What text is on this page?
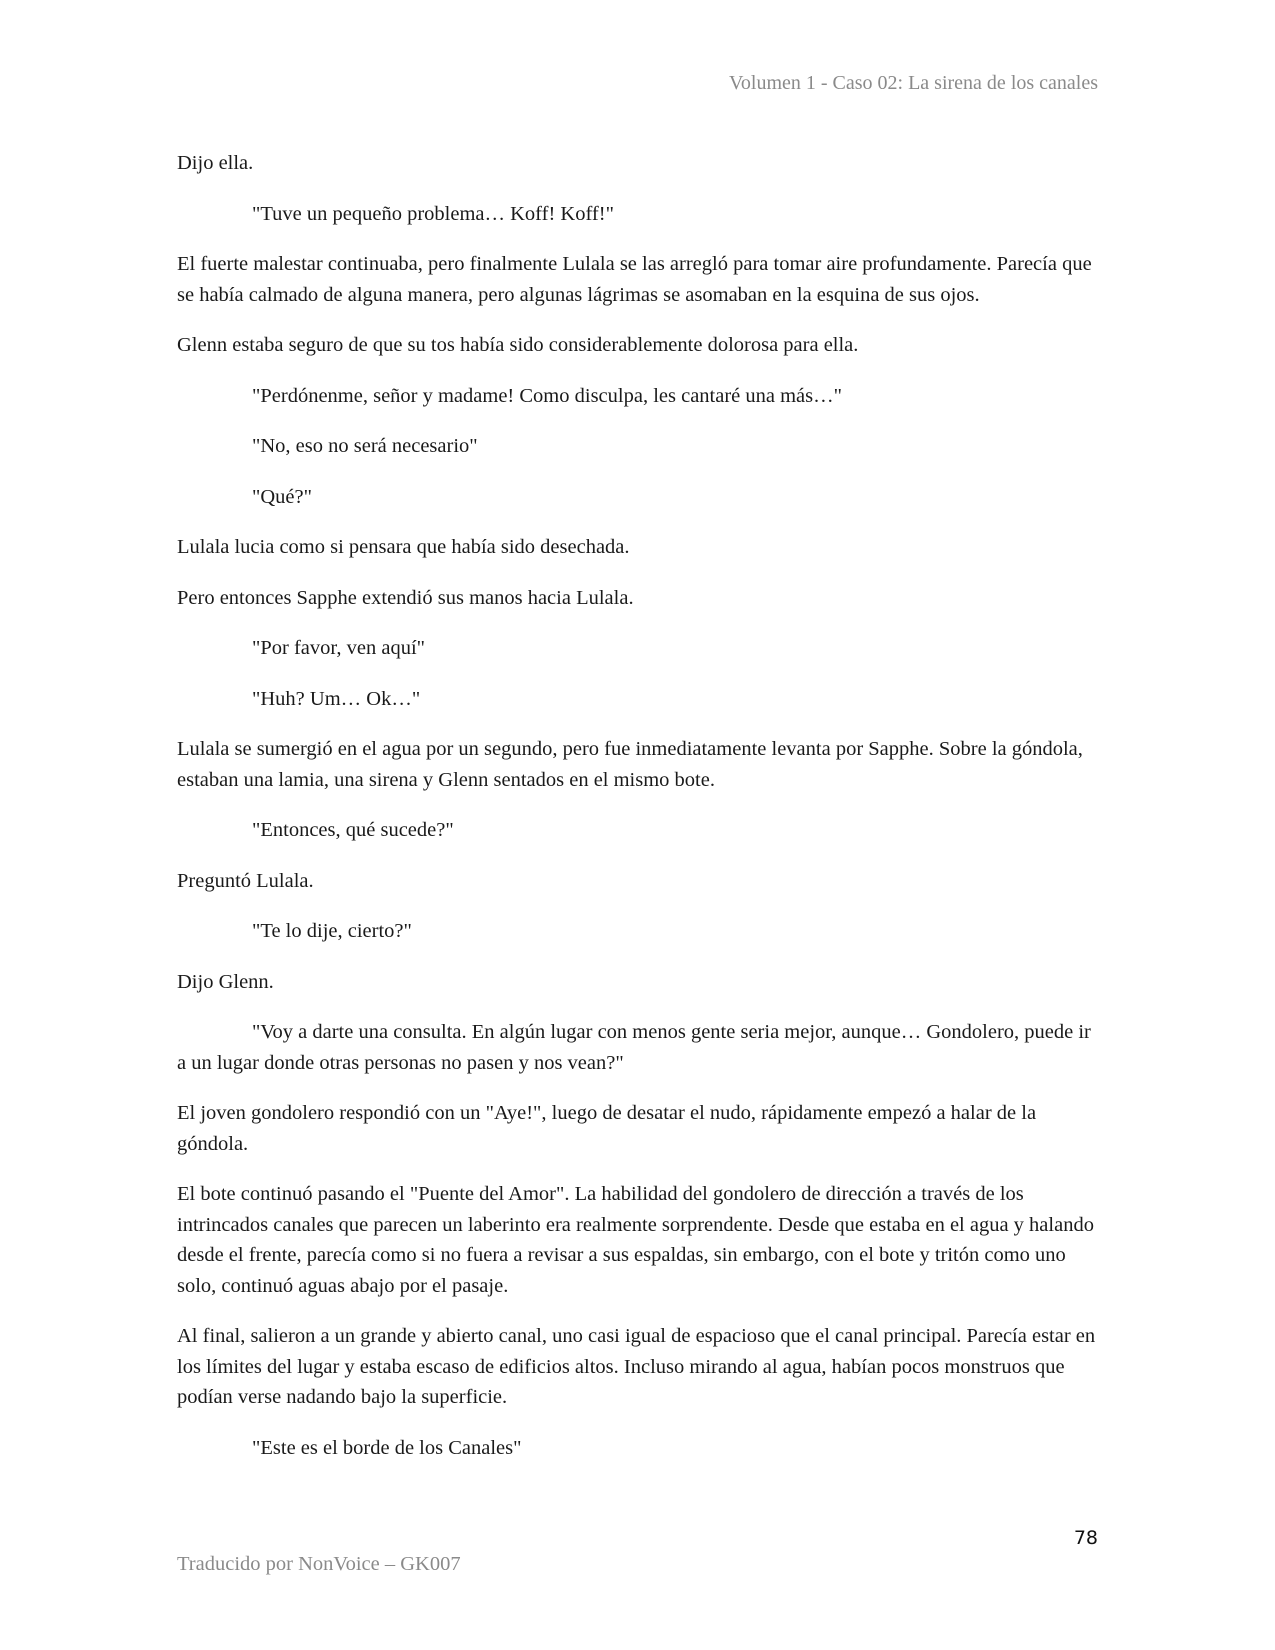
Volumen 1 - Caso 02: La sirena de los canales

Dijo ella.

"Tuve un pequeño problema… Koff! Koff!"

El fuerte malestar continuaba, pero finalmente Lulala se las arregló para tomar aire profundamente. Parecía que se había calmado de alguna manera, pero algunas lágrimas se asomaban en la esquina de sus ojos.

Glenn estaba seguro de que su tos había sido considerablemente dolorosa para ella.

"Perdónenme, señor y madame! Como disculpa, les cantaré una más…"

"No, eso no será necesario"

"Qué?"

Lulala lucia como si pensara que había sido desechada.

Pero entonces Sapphe extendió sus manos hacia Lulala.

"Por favor, ven aquí"

"Huh? Um… Ok…"

Lulala se sumergió en el agua por un segundo, pero fue inmediatamente levanta por Sapphe. Sobre la góndola, estaban una lamia, una sirena y Glenn sentados en el mismo bote.

"Entonces, qué sucede?"

Preguntó Lulala.

"Te lo dije, cierto?"

Dijo Glenn.

"Voy a darte una consulta. En algún lugar con menos gente seria mejor, aunque… Gondolero, puede ir a un lugar donde otras personas no pasen y nos vean?"

El joven gondolero respondió con un "Aye!", luego de desatar el nudo, rápidamente empezó a halar de la góndola.

El bote continuó pasando el "Puente del Amor". La habilidad del gondolero de dirección a través de los intrincados canales que parecen un laberinto era realmente sorprendente. Desde que estaba en el agua y halando desde el frente, parecía como si no fuera a revisar a sus espaldas, sin embargo, con el bote y tritón como uno solo, continuó aguas abajo por el pasaje.

Al final, salieron a un grande y abierto canal, uno casi igual de espacioso que el canal principal. Parecía estar en los límites del lugar y estaba escaso de edificios altos. Incluso mirando al agua, habían pocos monstruos que podían verse nadando bajo la superficie.

"Este es el borde de los Canales"

78
Traducido por NonVoice – GK007
